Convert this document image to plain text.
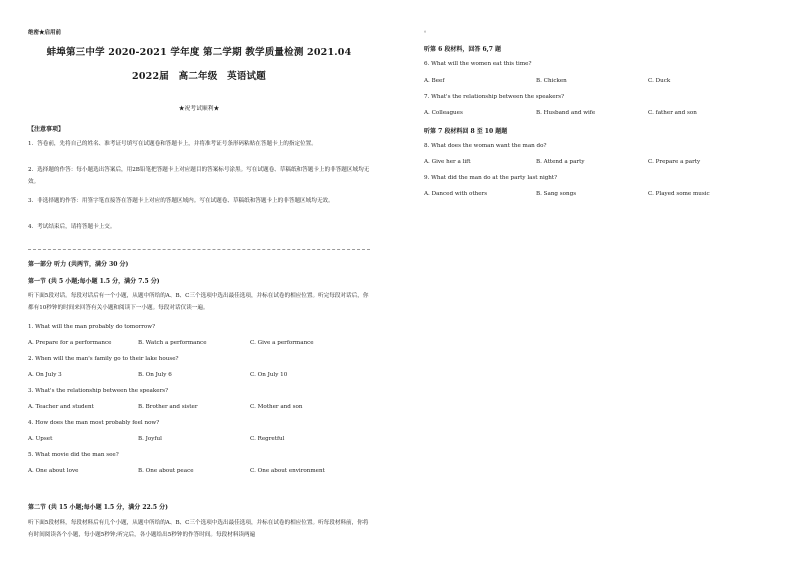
绝密★启用前
蚌埠第三中学 2020-2021 学年度 第二学期 教学质量检测 2021.04
2022届　高二年级　英语试题
★祝考试顺利★
【注意事项】
1．答卷前，先将自己的姓名、准考证号填写在试题卷和答题卡上，并将准考证号条形码粘贴在答题卡上的指定位置。
2．选择题的作答：每小题选出答案后，用2B铅笔把答题卡上对应题目的答案标号涂黑。写在试题卷、草稿纸和答题卡上的非答题区域均无效。
3．非选择题的作答：用签字笔直接答在答题卡上对应的答题区域内。写在试题卷、草稿纸和答题卡上的非答题区域均无效。
4．考试结束后，请将答题卡上交。
第一部分 听力 (共两节，满分 30 分)
第一节 (共 5 小题;每小题 1.5 分，满分 7.5 分)
听下面5段对话。每段对话后有一个小题，从题中所给的A、B、C三个选项中选出最佳选项，并标在试卷的相应位置。听完每段对话后，你都有10秒钟的时间来回答有关小题和阅读下一小题。每段对话仅读一遍。
1. What will the man probably do tomorrow?
A. Prepare for a performance	B. Watch a performance	C. Give a performance
2. When will the man's family go to their lake house?
A. On July 3	B. On July 6	C. On July 10
3. What's the relationship between the speakers?
A. Teacher and student	B. Brother and sister	C. Mother and son
4. How does the man most probably feel now?
A. Upset	B. Joyful	C. Regretful
5. What movie did the man see?
A. One about love	B. One about peace	C. One about environment
第二节 (共 15 小题;每小题 1.5 分，满分 22.5 分)
听下面5段材料，每段材料后有几个小题，从题中所给的A、B、C三个选项中选出最佳选项，并标在试卷的相应位置。听每段材料前，你将有时间阅读各个小题，每小题5秒钟;听完后，各小题给出5秒钟的作答时间。每段材料读两遍
。
听第 6 段材料，回答 6,7 题
6. What will the women eat this time?
A. Beef	B. Chicken	C. Duck
7. What's the relationship between the speakers?
A. Colleagues	B. Husband and wife	C. father and son
听第 7 段材料回 8 至 10 题题
8. What does the woman want the man do?
A. Give her a lift	B. Attend a party	C. Prepare a party
9. What did the man do at the party last night?
A. Danced with others	B. Sang songs	C. Played some music
